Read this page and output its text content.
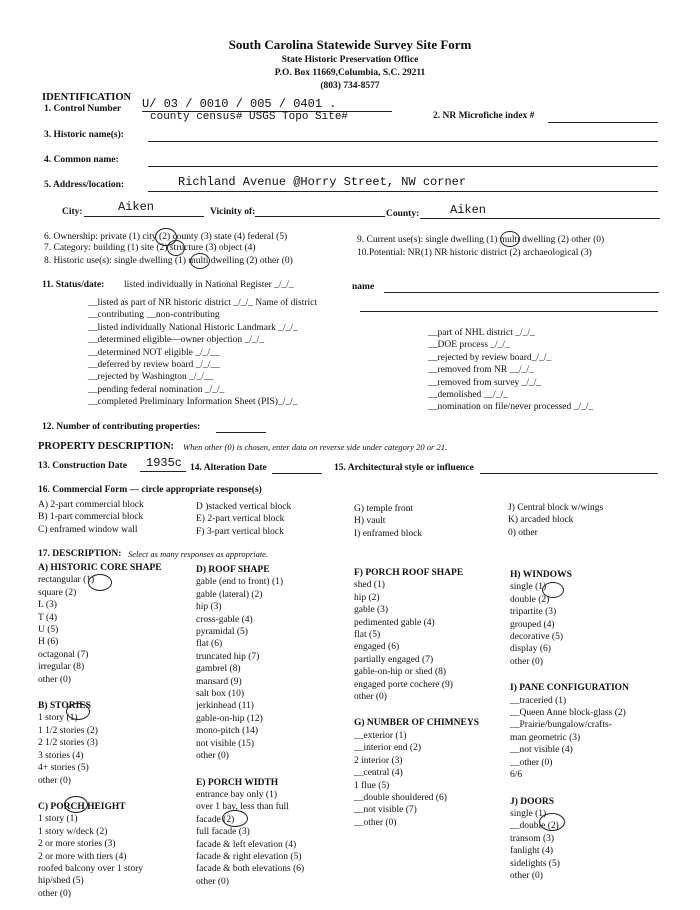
South Carolina Statewide Survey Site Form
State Historic Preservation Office
P.O. Box 11669,Columbia, S.C. 29211
(803) 734-8577
IDENTIFICATION
1. Control Number U/ 03 / 0010 / 005 / 0401 .
county census# USGS Topo Site#	2. NR Microfiche index #
3. Historic name(s):
4. Common name:
5. Address/location:	Richland Avenue @Horry Street, NW corner
City:	Aiken	Vicinity of:	County:	Aiken
6. Ownership: private (1) city (2) county (3) state (4) federal (5)
7. Category: building (1) site (2) structure (3) object (4)
8. Historic use(s): single dwelling (1) multi dwelling (2) other (0)
9. Current use(s): single dwelling (1) multi dwelling (2) other (0)
10.Potential: NR(1) NR historic district (2) archaeological (3)
11. Status/date: listed individually in National Register _/_/_	name
__listed as part of NR historic district _/_/_ Name of district
__contributing __non-contributing
__listed individually National Historic Landmark _/_/_
__determined eligible—owner objection _/_/_
__determined NOT eligible _/_/__
__deferred by review board _/_/__
__rejected by Washington _/_/__
__pending federal nomination _/_/_
__completed Preliminary Information Sheet (PIS)_/_/_
__part of NHL district _/_/_
__DOE process _/_/_
__rejected by review board_/_/_
__removed from NR __/_/_
__removed from survey _/_/_
__demolished __/_/_
__nomination on file/never processed _/_/_
12. Number of contributing properties:
PROPERTY DESCRIPTION: When other (0) is chosen, enter data on reverse side under category 20 or 21.
13. Construction Date 1935c 14. Alteration Date	15. Architectural style or influence
16. Commercial Form — circle appropriate response(s)
A) 2-part commercial block
B) 1-part commercial block
C) enframed window wall
D )stacked vertical block
E) 2-part vertical block
F) 3-part vertical block
G) temple front
H) vault
I) enframed block
J) Central block w/wings
K) arcaded block
0) other
17. DESCRIPTION: Select as many responses as appropriate.
A) HISTORIC CORE SHAPE
rectangular (1)
square (2)
L (3)
T (4)
U (5)
H (6)
octagonal (7)
irregular (8)
other (0)
B) STORIES
1 story (1)
1 1/2 stories (2)
2 1/2 stories (3)
3 stories (4)
4+ stories (5)
other (0)
C) PORCH HEIGHT
1 story (1)
1 story w/deck (2)
2 or more stories (3)
2 or more with tiers (4)
roofed balcony over 1 story
hip/shed (5)
other (0)
D) ROOF SHAPE
gable (end to front) (1)
gable (lateral) (2)
hip (3)
cross-gable (4)
pyramidal (5)
flat (6)
truncated hip (7)
gambrel (8)
mansard (9)
salt box (10)
jerkinhead (11)
gable-on-hip (12)
mono-pitch (14)
not visible (15)
other (0)
E) PORCH WIDTH
entrance bay only (1)
over 1 bay, less than full
facade (2)
full facade (3)
facade & left elevation (4)
facade & right elevation (5)
facade & both elevations (6)
other (0)
F) PORCH ROOF SHAPE
shed (1)
hip (2)
gable (3)
pedimented gable (4)
flat (5)
engaged (6)
partially engaged (7)
gable-on-hip or shed (8)
engaged porte cochere (9)
other (0)
G) NUMBER OF CHIMNEYS
__exterior (1)
__interior end (2)
2 interior (3)
__central (4)
1 flue (5)
__double shouldered (6)
__not visible (7)
__other (0)
H) WINDOWS
single (1)
double (2)
tripartite (3)
grouped (4)
decorative (5)
display (6)
other (0)
I) PANE CONFIGURATION
__traceried (1)
__Queen Anne block-glass (2)
__Prairie/bungalow/crafts-
man geometric (3)
__not visible (4)
__other (0)
6/6
J) DOORS
single (1)
__double (2)
transom (3)
fanlight (4)
sidelights (5)
other (0)
